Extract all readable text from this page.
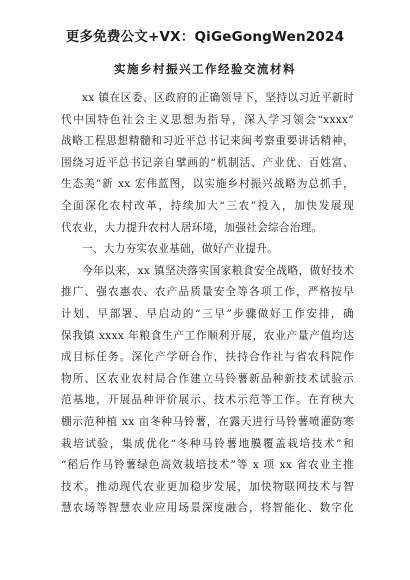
更多免费公文+VX：QiGeGongWen2024
实施乡村振兴工作经验交流材料
xx 镇在区委、区政府的正确领导下，坚持以习近平新时
代中国特色社会主义思想为指导，深入学习领会“xxxx”
战略工程思想精髓和习近平总书记来闽考察重要讲话精神，
围绕习近平总书记亲自擘画的“机制活、产业优、百姓富、
生态美”新 xx 宏伟蓝图，以实施乡村振兴战略为总抓手，
全面深化农村改革，持续加大“三农”投入，加快发展现
代农业，大力提升农村人居环境，加强社会综合治理。
一、大力夯实农业基础，做好产业提升。
今年以来，xx 镇坚决落实国家粮食安全战略，做好技术
推广、强农惠农、农产品质量安全等各项工作，严格按早
计划、早部署、早启动的“三早”步骤做好工作安排，确
保我镇 xxxx 年粮食生产工作顺利开展，农业产量产值均达
成目标任务。深化产学研合作，扶持合作社与省农科院作
物所、区农业农村局合作建立马铃薯新品种新技术试验示
范基地，开展品种评价展示、技术示范等工作。在育秧大
棚示范种植 xx 亩冬种马铃薯，在露天进行马铃薯喷灌防寒
栽培试验，集成优化“冬种马铃薯地膜覆盖栽培技术”和
“稻后作马铃薯绿色高效栽培技术”等 x 项 xx 省农业主推
技术。推动现代农业更加稳步发展，加快物联网技术与智
慧农场等智慧农业应用场景深度融合，将智能化、数字化
